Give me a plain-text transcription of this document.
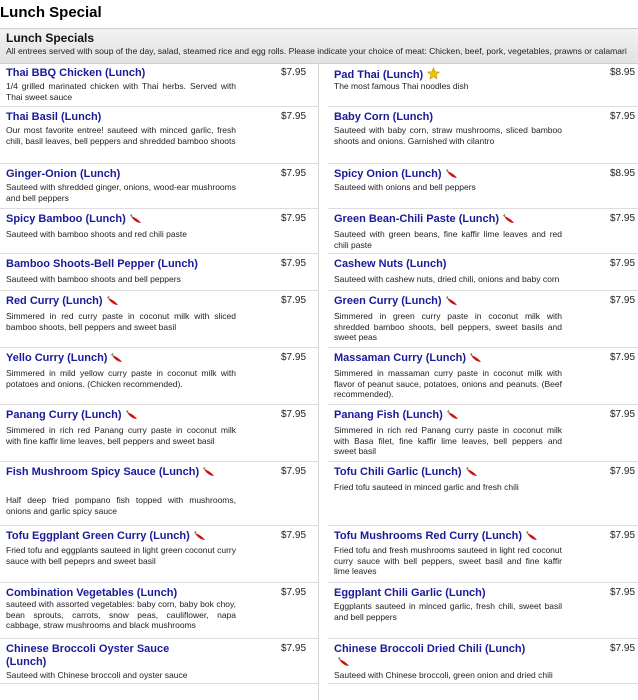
Lunch Special
Lunch Specials
All entrees served with soup of the day, salad, steamed rice and egg rolls. Please indicate your choice of meat: Chicken, beef, pork, vegetables, prawns or calamari
Thai BBQ Chicken (Lunch)	$7.95
1/4 grilled marinated chicken with Thai herbs. Served with Thai sweet sauce
Thai Basil (Lunch)	$7.95
Our most favorite entree! sauteed with minced garlic, fresh chili, basil leaves, bell peppers and shredded bamboo shoots
Ginger-Onion (Lunch)	$7.95
Sauteed with shredded ginger, onions, wood-ear mushrooms and bell peppers
Spicy Bamboo (Lunch)	$7.95
Sauteed with bamboo shoots and red chili paste
Bamboo Shoots-Bell Pepper (Lunch)	$7.95
Sauteed with bamboo shoots and bell peppers
Red Curry (Lunch)	$7.95
Simmered in red curry paste in coconut milk with sliced bamboo shoots, bell peppers and sweet basil
Yello Curry (Lunch)	$7.95
Simmered in mild yellow curry paste in coconut milk with potatoes and onions. (Chicken recommended).
Panang Curry (Lunch)	$7.95
Simmered in rich red Panang curry paste in coconut milk with fine kaffir lime leaves, bell peppers and sweet basil
Fish Mushroom Spicy Sauce (Lunch)	$7.95
Half deep fried pompano fish topped with mushrooms, onions and garlic spicy sauce
Tofu Eggplant Green Curry (Lunch)	$7.95
Fried tofu and eggplants sauteed in light green coconut curry sauce with bell pepeprs and sweet basil
Combination Vegetables (Lunch)	$7.95
sauteed with assorted vegetables: baby corn, baby bok choy, bean sprouts, carrots, snow peas, cauliflower, napa cabbage, straw mushrooms and black mushrooms
Chinese Broccoli Oyster Sauce (Lunch)
$7.95
Sauteed with Chinese broccoli and oyster sauce
Pad Thai (Lunch)	$8.95
The most famous Thai noodles dish
Baby Corn (Lunch)	$7.95
Sauteed with baby corn, straw mushrooms, sliced bamboo shoots and onions. Garnished with cilantro
Spicy Onion (Lunch)	$8.95
Sauteed with onions and bell peppers
Green Bean-Chili Paste (Lunch)	$7.95
Sauteed with green beans, fine kaffir lime leaves and red chili paste
Cashew Nuts (Lunch)	$7.95
Sauteed with cashew nuts, dried chili, onions and baby corn
Green Curry (Lunch)	$7.95
Simmered in green curry paste in coconut milk with shredded bamboo shoots, bell peppers, sweet basils and sweet peas
Massaman Curry (Lunch)	$7.95
Simmered in massaman curry paste in coconut milk with flavor of peanut sauce, potatoes, onions and peanuts. (Beef recommended).
Panang Fish (Lunch)	$7.95
Simmered in rich red Panang curry paste in coconut milk with Basa filet, fine kaffir lime leaves, bell peppers and sweet basil
Tofu Chili Garlic (Lunch)	$7.95
Fried tofu sauteed in minced garlic and fresh chili
Tofu Mushrooms Red Curry (Lunch)	$7.95
Fried tofu and fresh mushrooms sauteed in light red coconut curry sauce with bell peppers, sweet basil and fine kaffir lime leaves
Eggplant Chili Garlic (Lunch)	$7.95
Eggplants sauteed in minced garlic, fresh chili, sweet basil and bell peppers
Chinese Broccoli Dried Chili (Lunch)	$7.95
Sauteed with Chinese broccoli, green onion and dried chili
